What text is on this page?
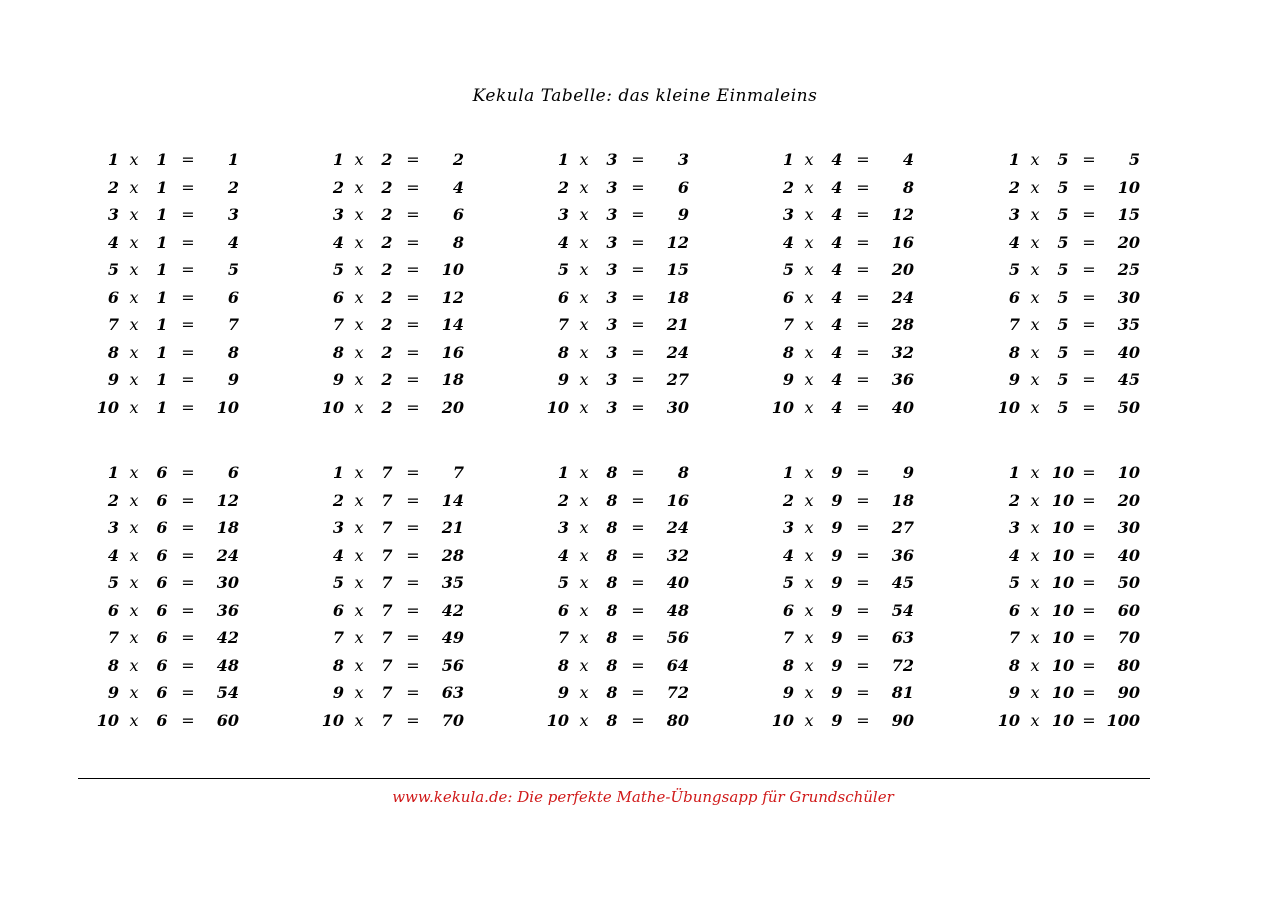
Kekula Tabelle: das kleine Einmaleins
1 x	1 =	1
2 x	1 =	2
3 x	1 =	3
4 x	1 =	4
5 x	1 =	5
6 x	1 =	6
7 x	1 =	7
8 x	1 =	8
9 x	1 =	9
10 x	1 =	10
1 x	2 =	2
2 x	2 =	4
3 x	2 =	6
4 x	2 =	8
5 x	2 =	10
6 x	2 =	12
7 x	2 =	14
8 x	2 =	16
9 x	2 =	18
10 x	2 =	20
1 x	3 =	3
2 x	3 =	6
3 x	3 =	9
4 x	3 =	12
5 x	3 =	15
6 x	3 =	18
7 x	3 =	21
8 x	3 =	24
9 x	3 =	27
10 x	3 =	30
1 x	4 =	4
2 x	4 =	8
3 x	4 =	12
4 x	4 =	16
5 x	4 =	20
6 x	4 =	24
7 x	4 =	28
8 x	4 =	32
9 x	4 =	36
10 x	4 =	40
1 x	5 =	5
2 x	5 =	10
3 x	5 =	15
4 x	5 =	20
5 x	5 =	25
6 x	5 =	30
7 x	5 =	35
8 x	5 =	40
9 x	5 =	45
10 x	5 =	50
1 x	6 =	6
2 x	6 =	12
3 x	6 =	18
4 x	6 =	24
5 x	6 =	30
6 x	6 =	36
7 x	6 =	42
8 x	6 =	48
9 x	6 =	54
10 x	6 =	60
1 x	7 =	7
2 x	7 =	14
3 x	7 =	21
4 x	7 =	28
5 x	7 =	35
6 x	7 =	42
7 x	7 =	49
8 x	7 =	56
9 x	7 =	63
10 x	7 =	70
1 x	8 =	8
2 x	8 =	16
3 x	8 =	24
4 x	8 =	32
5 x	8 =	40
6 x	8 =	48
7 x	8 =	56
8 x	8 =	64
9 x	8 =	72
10 x	8 =	80
1 x	9 =	9
2 x	9 =	18
3 x	9 =	27
4 x	9 =	36
5 x	9 =	45
6 x	9 =	54
7 x	9 =	63
8 x	9 =	72
9 x	9 =	81
10 x	9 =	90
1 x 10 =	10
2 x 10 =	20
3 x 10 =	30
4 x 10 =	40
5 x 10 =	50
6 x 10 =	60
7 x 10 =	70
8 x 10 =	80
9 x 10 =	90
10 x 10 = 100
www.kekula.de: Die perfekte Mathe-Übungsapp für Grundschüler
